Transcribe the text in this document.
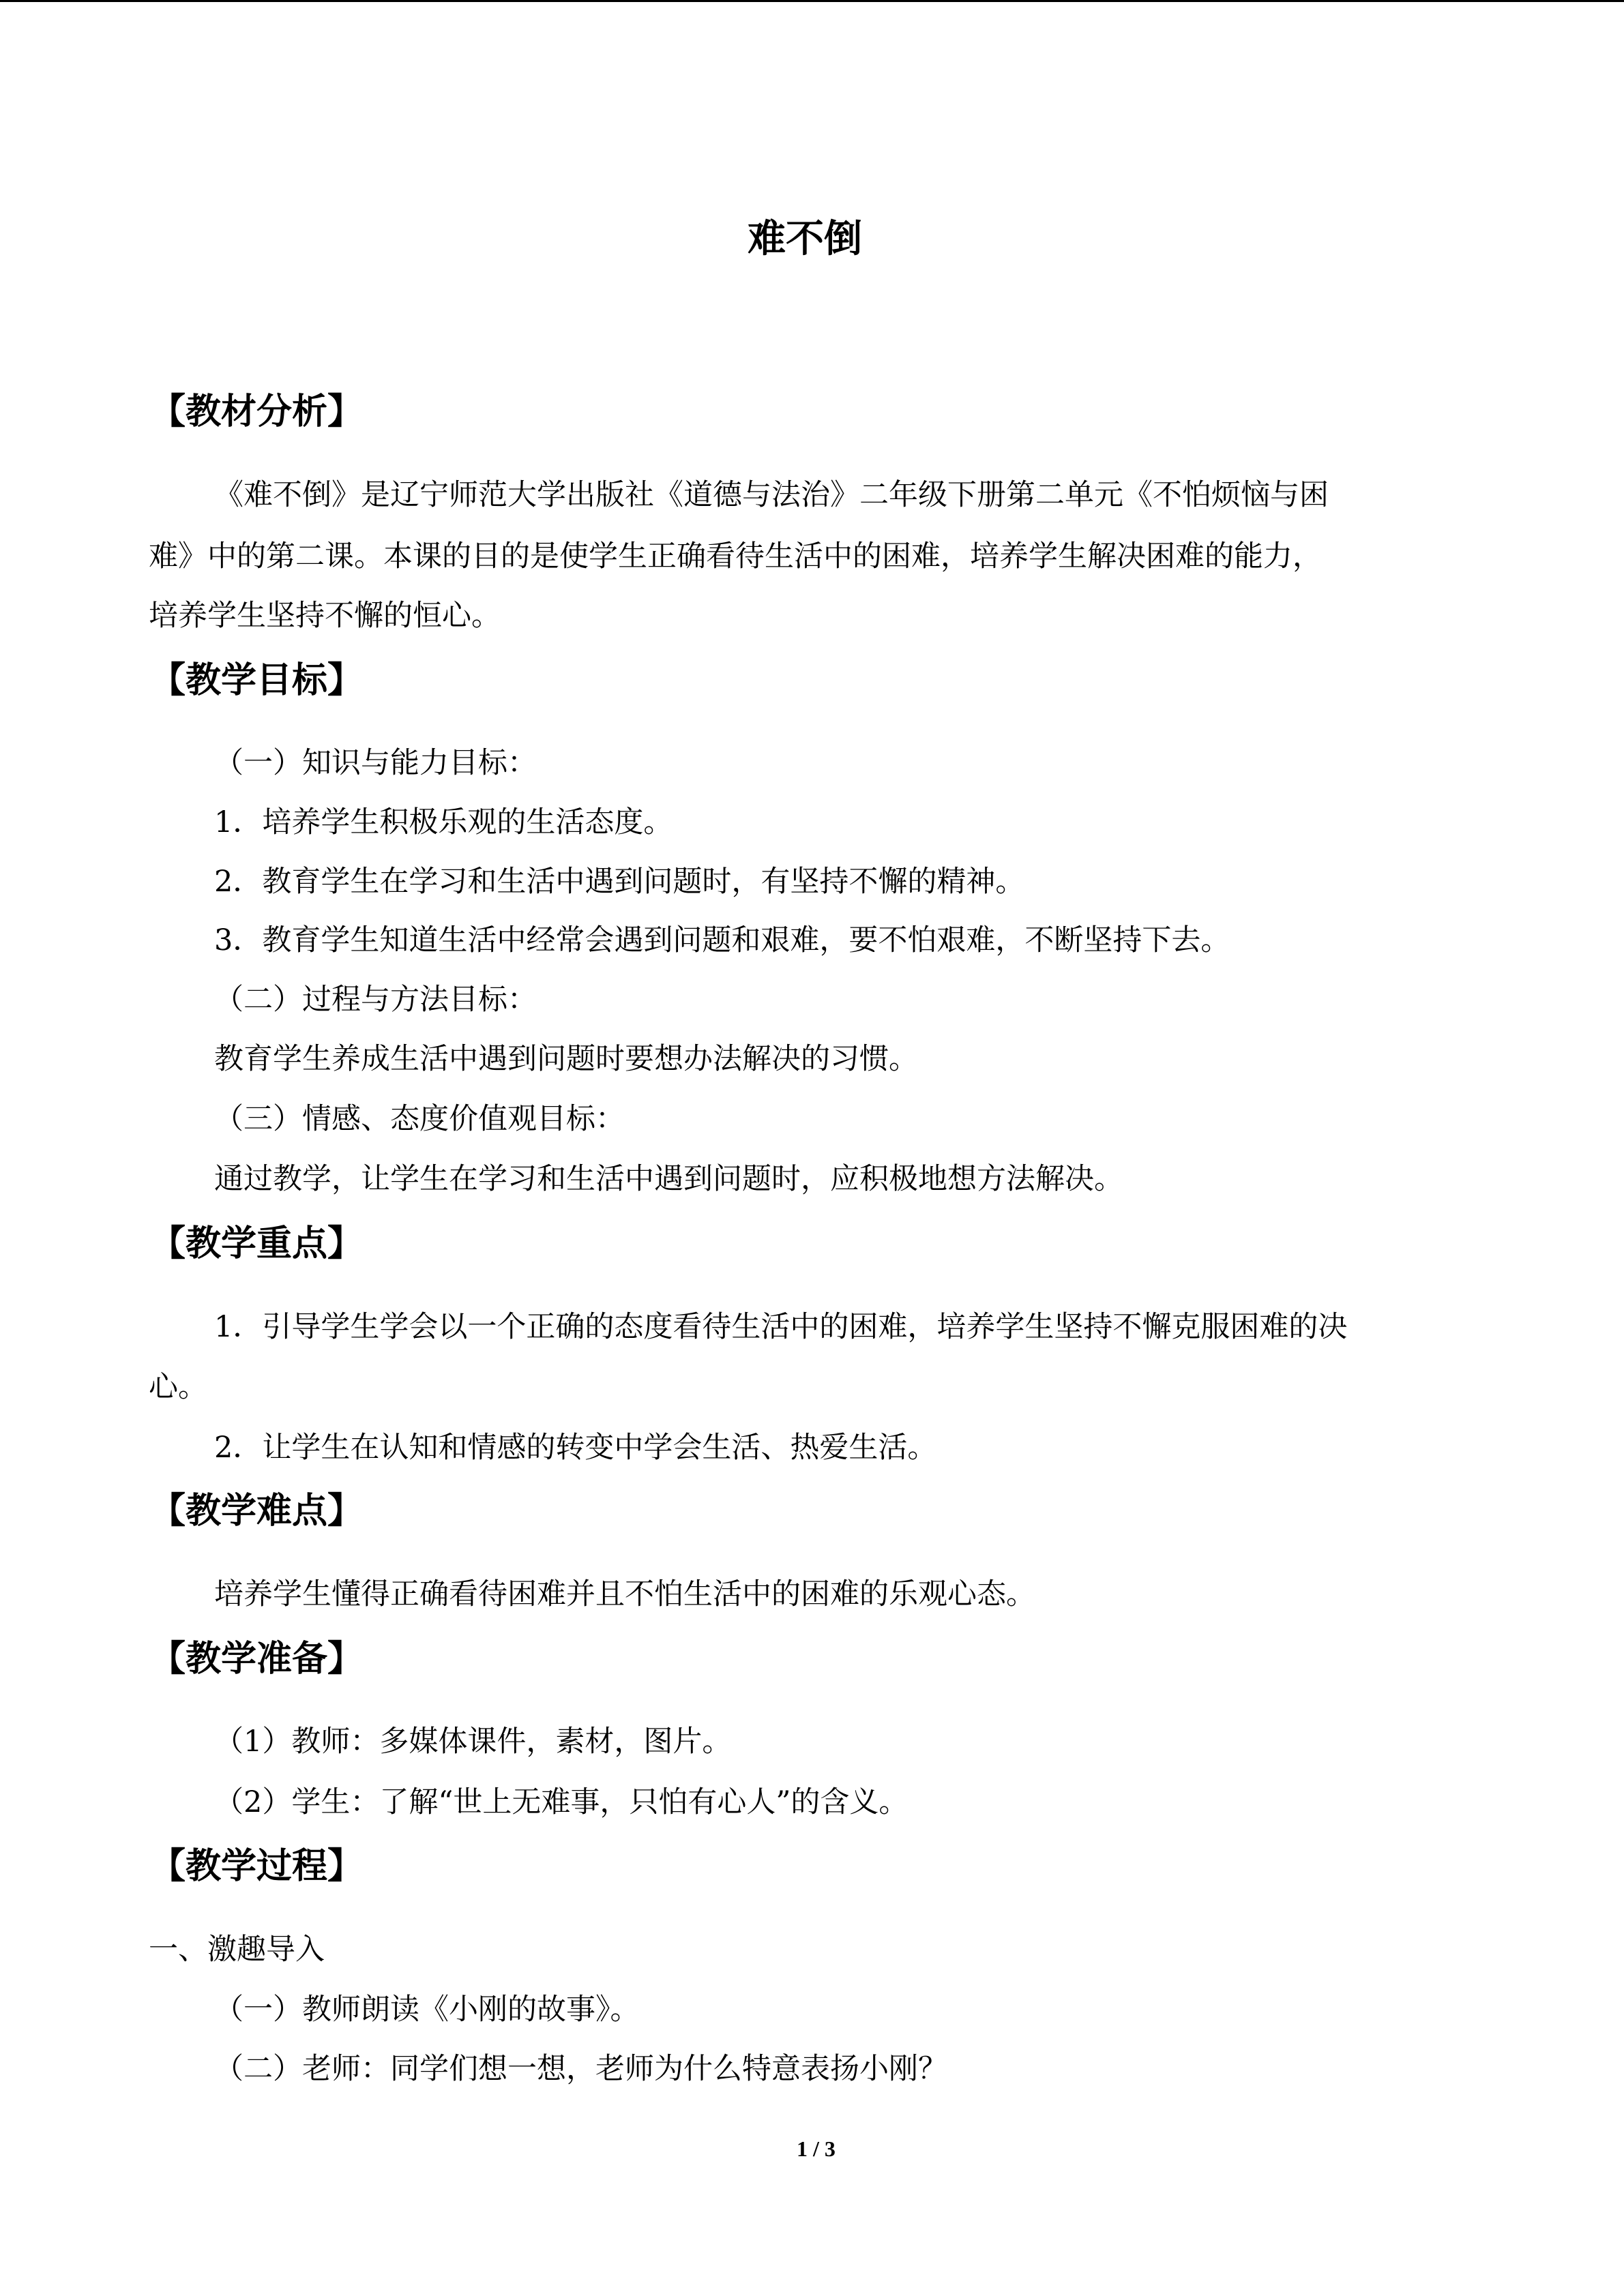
难不倒
【教材分析】
《难不倒》是辽宁师范大学出版社《道德与法治》二年级下册第二单元《不怕烦恼与困
难》中的第二课。本课的目的是使学生正确看待生活中的困难，培养学生解决困难的能力，
培养学生坚持不懈的恒心。
【教学目标】
（一）知识与能力目标：
1．培养学生积极乐观的生活态度。
2．教育学生在学习和生活中遇到问题时，有坚持不懈的精神。
3．教育学生知道生活中经常会遇到问题和艰难，要不怕艰难，不断坚持下去。
（二）过程与方法目标：
教育学生养成生活中遇到问题时要想办法解决的习惯。
（三）情感、态度价值观目标：
通过教学，让学生在学习和生活中遇到问题时，应积极地想方法解决。
【教学重点】
1．引导学生学会以一个正确的态度看待生活中的困难，培养学生坚持不懈克服困难的决
心。
2．让学生在认知和情感的转变中学会生活、热爱生活。
【教学难点】
培养学生懂得正确看待困难并且不怕生活中的困难的乐观心态。
【教学准备】
（1）教师：多媒体课件，素材，图片。
（2）学生：了解“世上无难事，只怕有心人”的含义。
【教学过程】
一、激趣导入
（一）教师朗读《小刚的故事》。
（二）老师：同学们想一想，老师为什么特意表扬小刚？
1 / 3
